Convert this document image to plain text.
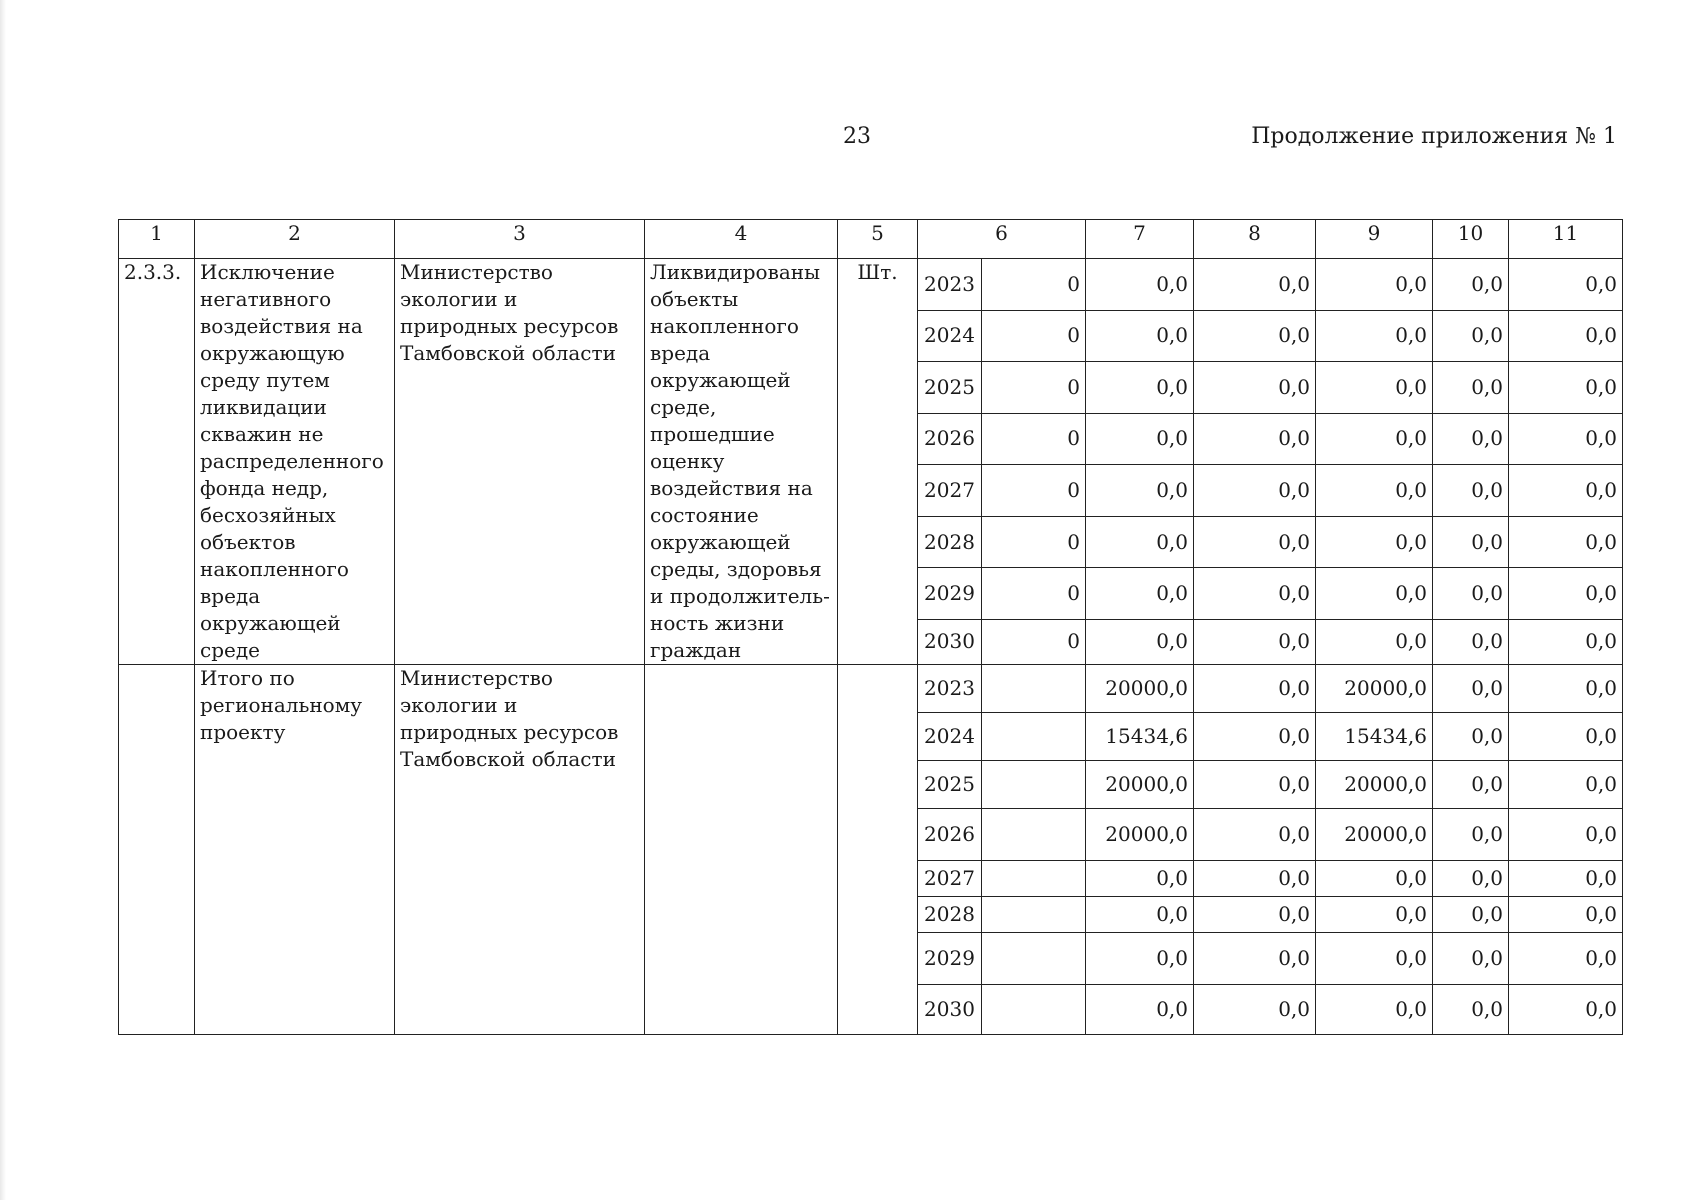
23	Продолжение приложения № 1
1	2	3	4	5	6		7	8	9	10	11
2.3.3.	Исключение негативного воздействия на окружающую среду путем ликвидации скважин не распределенного фонда недр, бесхозяйных объектов накопленного вреда окружающей среде	Министерство экологии и природных ресурсов Тамбовской области	Ликвидированы объекты накопленного вреда окружающей среде, прошедшие оценку воздействия на состояние окружающей среды, здоровья и продолжитель-ность жизни граждан	Шт.	2023	0	0,0	0,0	0,0	0,0	0,0
					2024	0	0,0	0,0	0,0	0,0	0,0
					2025	0	0,0	0,0	0,0	0,0	0,0
					2026	0	0,0	0,0	0,0	0,0	0,0
					2027	0	0,0	0,0	0,0	0,0	0,0
					2028	0	0,0	0,0	0,0	0,0	0,0
					2029	0	0,0	0,0	0,0	0,0	0,0
					2030	0	0,0	0,0	0,0	0,0	0,0
	Итого по региональному проекту	Министерство экологии и природных ресурсов Тамбовской области			2023		20000,0	0,0	20000,0	0,0	0,0
					2024		15434,6	0,0	15434,6	0,0	0,0
					2025		20000,0	0,0	20000,0	0,0	0,0
					2026		20000,0	0,0	20000,0	0,0	0,0
					2027		0,0	0,0	0,0	0,0	0,0
					2028		0,0	0,0	0,0	0,0	0,0
					2029		0,0	0,0	0,0	0,0	0,0
					2030		0,0	0,0	0,0	0,0	0,0
